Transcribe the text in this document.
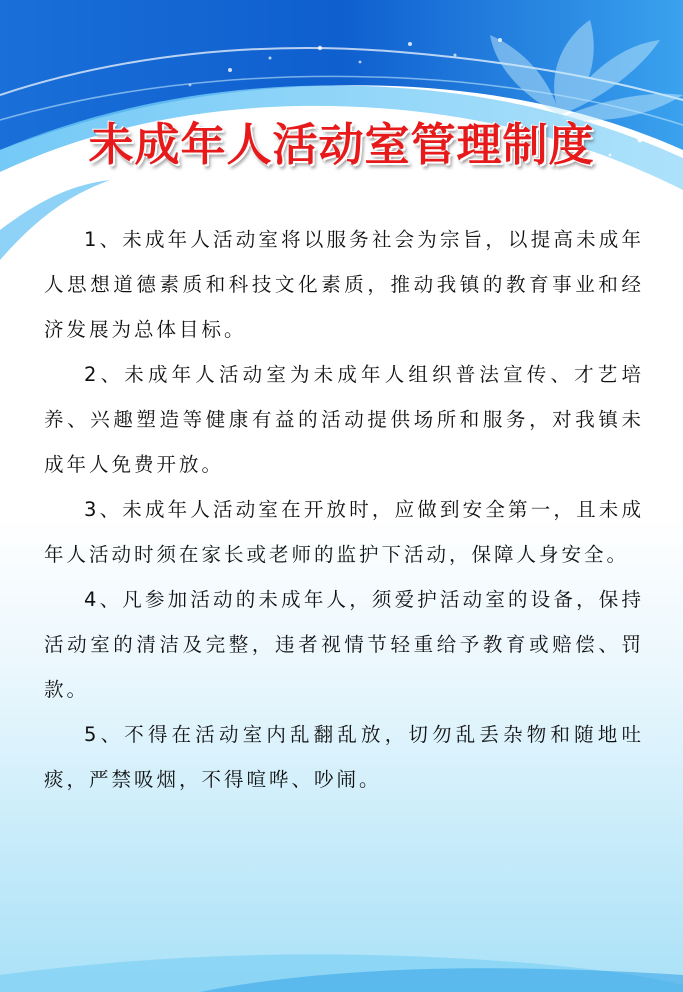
未成年人活动室管理制度

1、未成年人活动室将以服务社会为宗旨，以提高未成年人思想道德素质和科技文化素质，推动我镇的教育事业和经济发展为总体目标。

2、未成年人活动室为未成年人组织普法宣传、才艺培养、兴趣塑造等健康有益的活动提供场所和服务，对我镇未成年人免费开放。

3、未成年人活动室在开放时，应做到安全第一，且未成年人活动时须在家长或老师的监护下活动，保障人身安全。

4、凡参加活动的未成年人，须爱护活动室的设备，保持活动室的清洁及完整，违者视情节轻重给予教育或赔偿、罚款。

5、不得在活动室内乱翻乱放，切勿乱丢杂物和随地吐痰，严禁吸烟，不得喧哗、吵闹。
